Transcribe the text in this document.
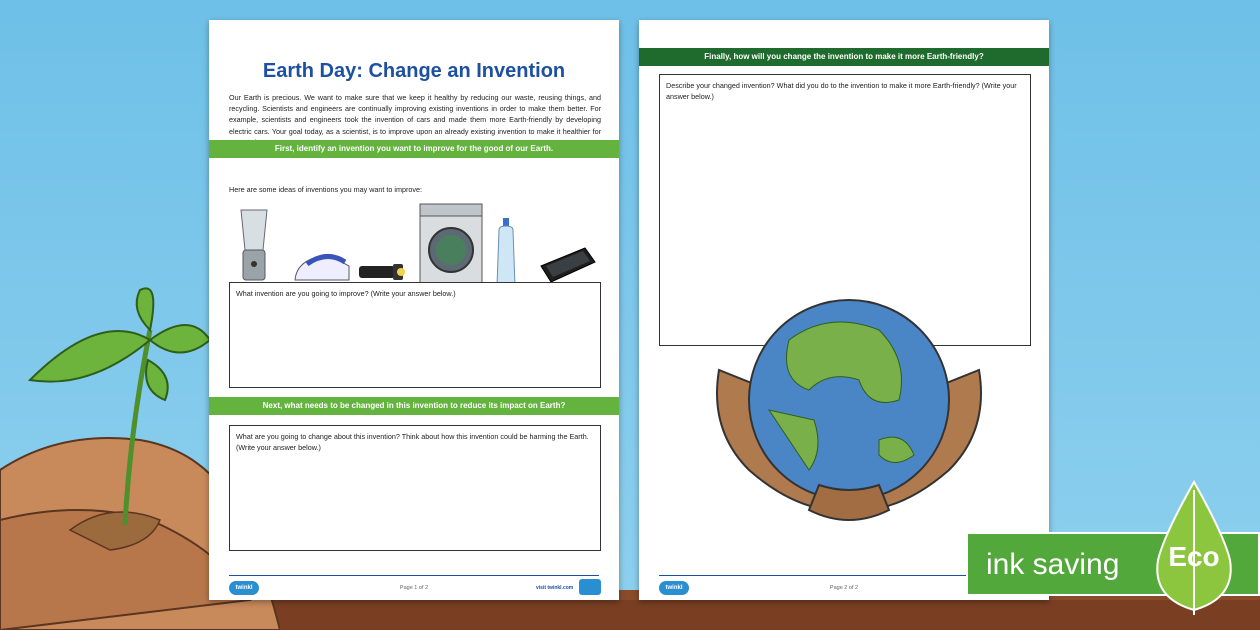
Earth Day: Change an Invention
Our Earth is precious. We want to make sure that we keep it healthy by reducing our waste, reusing things, and recycling. Scientists and engineers are continually improving existing inventions in order to make them better. For example, scientists and engineers took the invention of cars and made them more Earth-friendly by developing electric cars. Your goal today, as a scientist, is to improve upon an already existing invention to make it healthier for
First, identify an invention you want to improve for the good of our Earth.
Here are some ideas of inventions you may want to improve:
What invention are you going to improve? (Write your answer below.)
Next, what needs to be changed in this invention to reduce its impact on Earth?
What are you going to change about this invention? Think about how this invention could be harming the Earth. (Write your answer below.)
twinkl	Page 1 of 2	visit twinkl.com
Finally, how will you change the invention to make it more Earth-friendly?
Describe your changed invention? What did you do to the invention to make it more Earth-friendly? (Write your answer below.)
twinkl	Page 2 of 2
ink saving Eco
